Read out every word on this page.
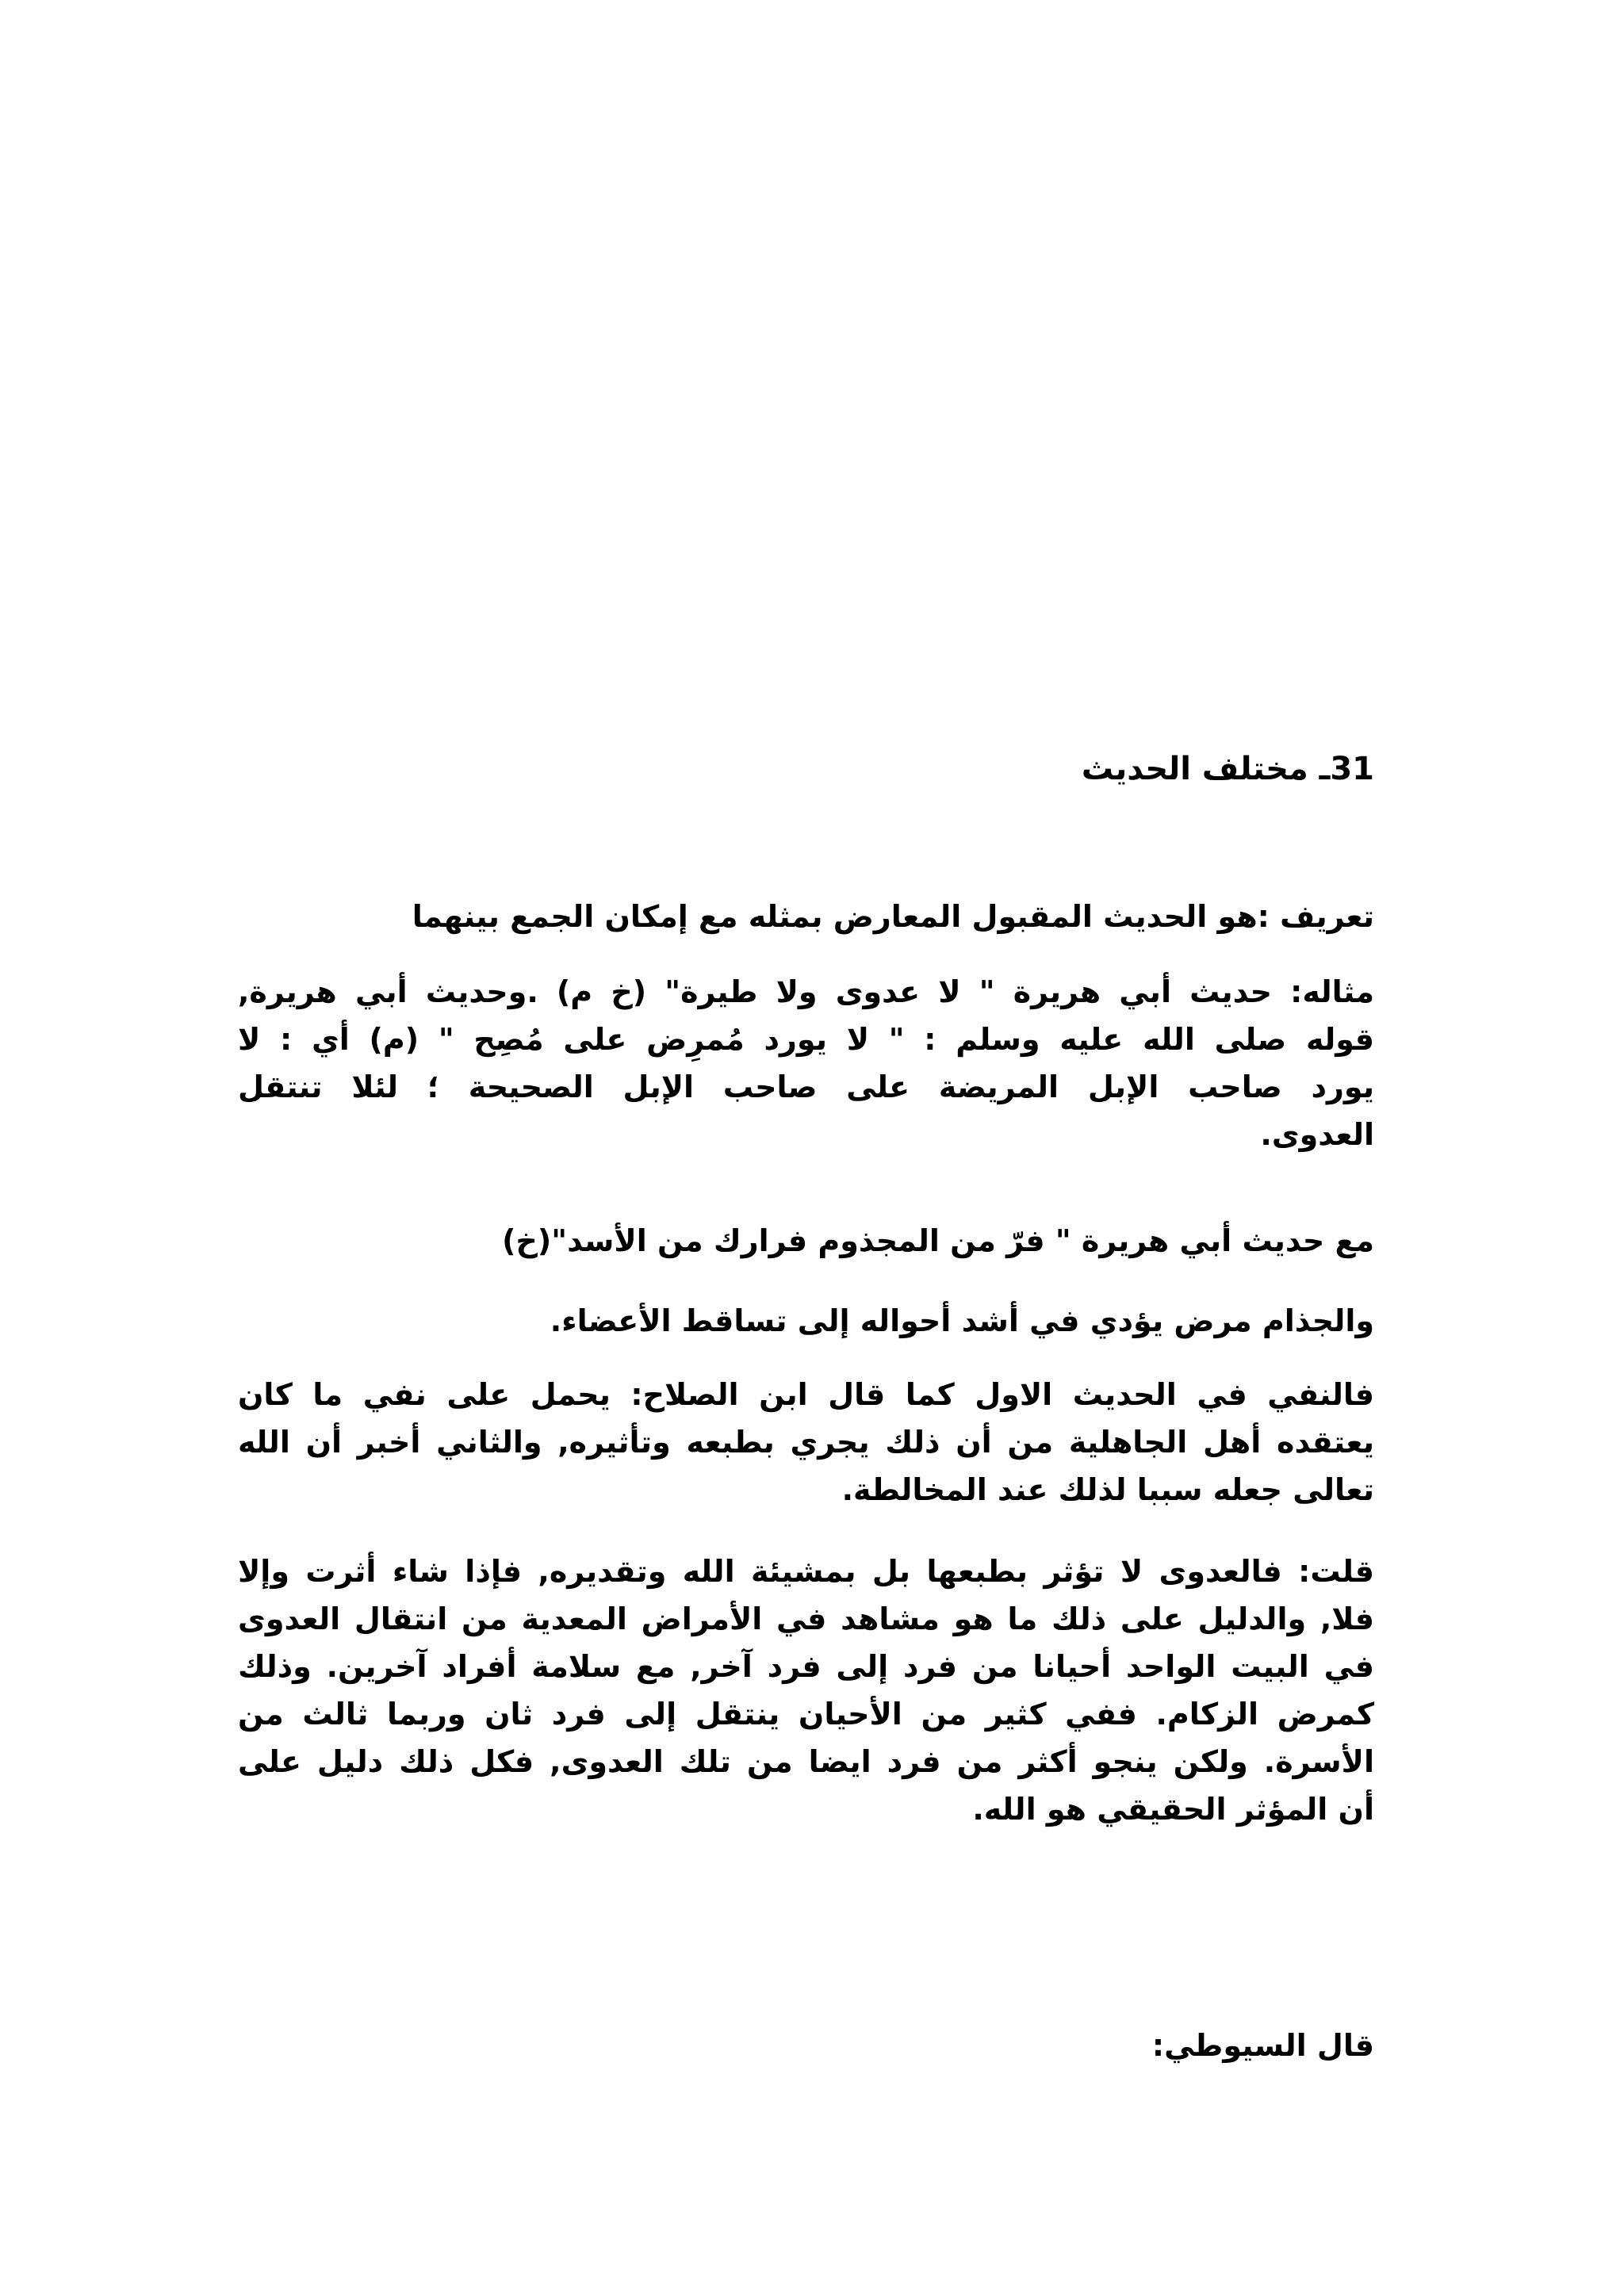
31ـ مختلف الحديث
تعريف :هو الحديث المقبول المعارض بمثله مع إمكان الجمع بينهما
مثاله: حديث أبي هريرة " لا عدوى ولا طيرة" (خ م) .وحديث أبي هريرة,
قوله صلى الله عليه وسلم : " لا يورد مُمرِض على مُصِح " (م) أي : لا
يورد صاحب الإبل المريضة على صاحب الإبل الصحيحة ؛ لئلا تنتقل
العدوى.
مع حديث أبي هريرة " فرّ من المجذوم فرارك من الأسد"(خ)
والجذام مرض يؤدي في أشد أحواله إلى تساقط الأعضاء.
فالنفي في الحديث الاول كما قال ابن الصلاح: يحمل على نفي ما كان
يعتقده أهل الجاهلية من أن ذلك يجري بطبعه وتأثيره, والثاني أخبر أن الله
تعالى جعله سببا لذلك عند المخالطة.
قلت: فالعدوى لا تؤثر بطبعها بل بمشيئة الله وتقديره, فإذا شاء أثرت وإلا
فلا, والدليل على ذلك ما هو مشاهد في الأمراض المعدية من انتقال العدوى
في البيت الواحد أحيانا من فرد إلى فرد آخر, مع سلامة أفراد آخرين. وذلك
كمرض الزكام. ففي كثير من الأحيان ينتقل إلى فرد ثان وربما ثالث من
الأسرة. ولكن ينجو أكثر من فرد ايضا من تلك العدوى, فكل ذلك دليل على
أن المؤثر الحقيقي هو الله.
قال السيوطي:
